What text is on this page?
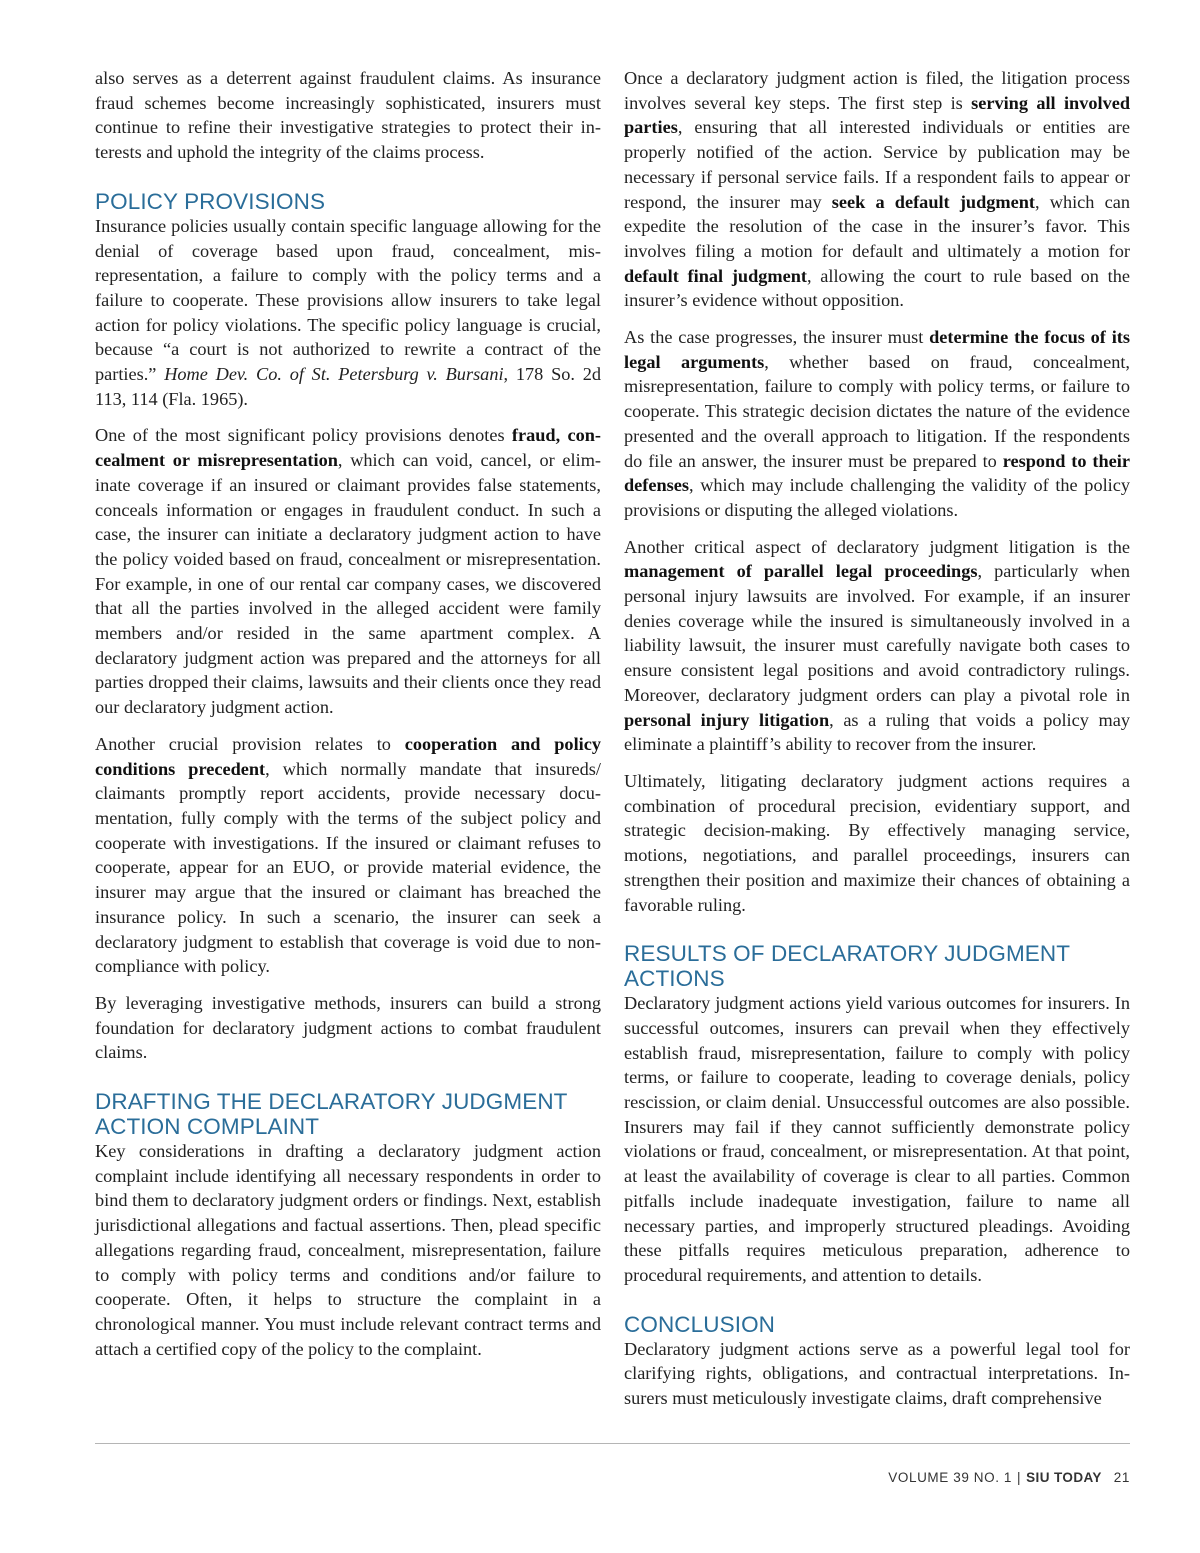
also serves as a deterrent against fraudulent claims. As insurance fraud schemes become increasingly sophisticated, insurers must continue to refine their investigative strategies to protect their interests and uphold the integrity of the claims process.

POLICY PROVISIONS

Insurance policies usually contain specific language allowing for the denial of coverage based upon fraud, concealment, misrepresentation, a failure to comply with the policy terms and a failure to cooperate. These provisions allow insurers to take legal action for policy violations. The specific policy language is crucial, because “a court is not authorized to rewrite a contract of the parties.” Home Dev. Co. of St. Petersburg v. Bursani, 178 So. 2d 113, 114 (Fla. 1965).

One of the most significant policy provisions denotes fraud, concealment or misrepresentation, which can void, cancel, or eliminate coverage if an insured or claimant provides false statements, conceals information or engages in fraudulent conduct. In such a case, the insurer can initiate a declaratory judgment action to have the policy voided based on fraud, concealment or misrepresentation. For example, in one of our rental car company cases, we discovered that all the parties involved in the alleged accident were family members and/or resided in the same apartment complex. A declaratory judgment action was prepared and the attorneys for all parties dropped their claims, lawsuits and their clients once they read our declaratory judgment action.

Another crucial provision relates to cooperation and policy conditions precedent, which normally mandate that insureds/ claimants promptly report accidents, provide necessary documentation, fully comply with the terms of the subject policy and cooperate with investigations. If the insured or claimant refuses to cooperate, appear for an EUO, or provide material evidence, the insurer may argue that the insured or claimant has breached the insurance policy. In such a scenario, the insurer can seek a declaratory judgment to establish that coverage is void due to non-compliance with policy.

By leveraging investigative methods, insurers can build a strong foundation for declaratory judgment actions to combat fraudulent claims.

DRAFTING THE DECLARATORY JUDGMENT
ACTION COMPLAINT

Key considerations in drafting a declaratory judgment action complaint include identifying all necessary respondents in order to bind them to declaratory judgment orders or findings. Next, establish jurisdictional allegations and factual assertions. Then, plead specific allegations regarding fraud, concealment, misrepresentation, failure to comply with policy terms and conditions and/or failure to cooperate. Often, it helps to structure the complaint in a chronological manner. You must include relevant contract terms and attach a certified copy of the policy to the complaint.

Once a declaratory judgment action is filed, the litigation process involves several key steps. The first step is serving all involved parties, ensuring that all interested individuals or entities are properly notified of the action. Service by publication may be necessary if personal service fails. If a respondent fails to appear or respond, the insurer may seek a default judgment, which can expedite the resolution of the case in the insurer’s favor. This involves filing a motion for default and ultimately a motion for default final judgment, allowing the court to rule based on the insurer’s evidence without opposition.

As the case progresses, the insurer must determine the focus of its legal arguments, whether based on fraud, concealment, misrepresentation, failure to comply with policy terms, or failure to cooperate. This strategic decision dictates the nature of the evidence presented and the overall approach to litigation. If the respondents do file an answer, the insurer must be prepared to respond to their defenses, which may include challenging the validity of the policy provisions or disputing the alleged violations.

Another critical aspect of declaratory judgment litigation is the management of parallel legal proceedings, particularly when personal injury lawsuits are involved. For example, if an insurer denies coverage while the insured is simultaneously involved in a liability lawsuit, the insurer must carefully navigate both cases to ensure consistent legal positions and avoid contradictory rulings. Moreover, declaratory judgment orders can play a pivotal role in personal injury litigation, as a ruling that voids a policy may eliminate a plaintiff’s ability to recover from the insurer.

Ultimately, litigating declaratory judgment actions requires a combination of procedural precision, evidentiary support, and strategic decision-making. By effectively managing service, motions, negotiations, and parallel proceedings, insurers can strengthen their position and maximize their chances of obtaining a favorable ruling.

RESULTS OF DECLARATORY JUDGMENT ACTIONS

Declaratory judgment actions yield various outcomes for insurers. In successful outcomes, insurers can prevail when they effectively establish fraud, misrepresentation, failure to comply with policy terms, or failure to cooperate, leading to coverage denials, policy rescission, or claim denial. Unsuccessful outcomes are also possible. Insurers may fail if they cannot sufficiently demonstrate policy violations or fraud, concealment, or misrepresentation. At that point, at least the availability of coverage is clear to all parties. Common pitfalls include inadequate investigation, failure to name all necessary parties, and improperly structured pleadings. Avoiding these pitfalls requires meticulous preparation, adherence to procedural requirements, and attention to details.

CONCLUSION

Declaratory judgment actions serve as a powerful legal tool for clarifying rights, obligations, and contractual interpretations. Insurers must meticulously investigate claims, draft comprehensive

VOLUME 39 NO. 1 | SIU TODAY 21
